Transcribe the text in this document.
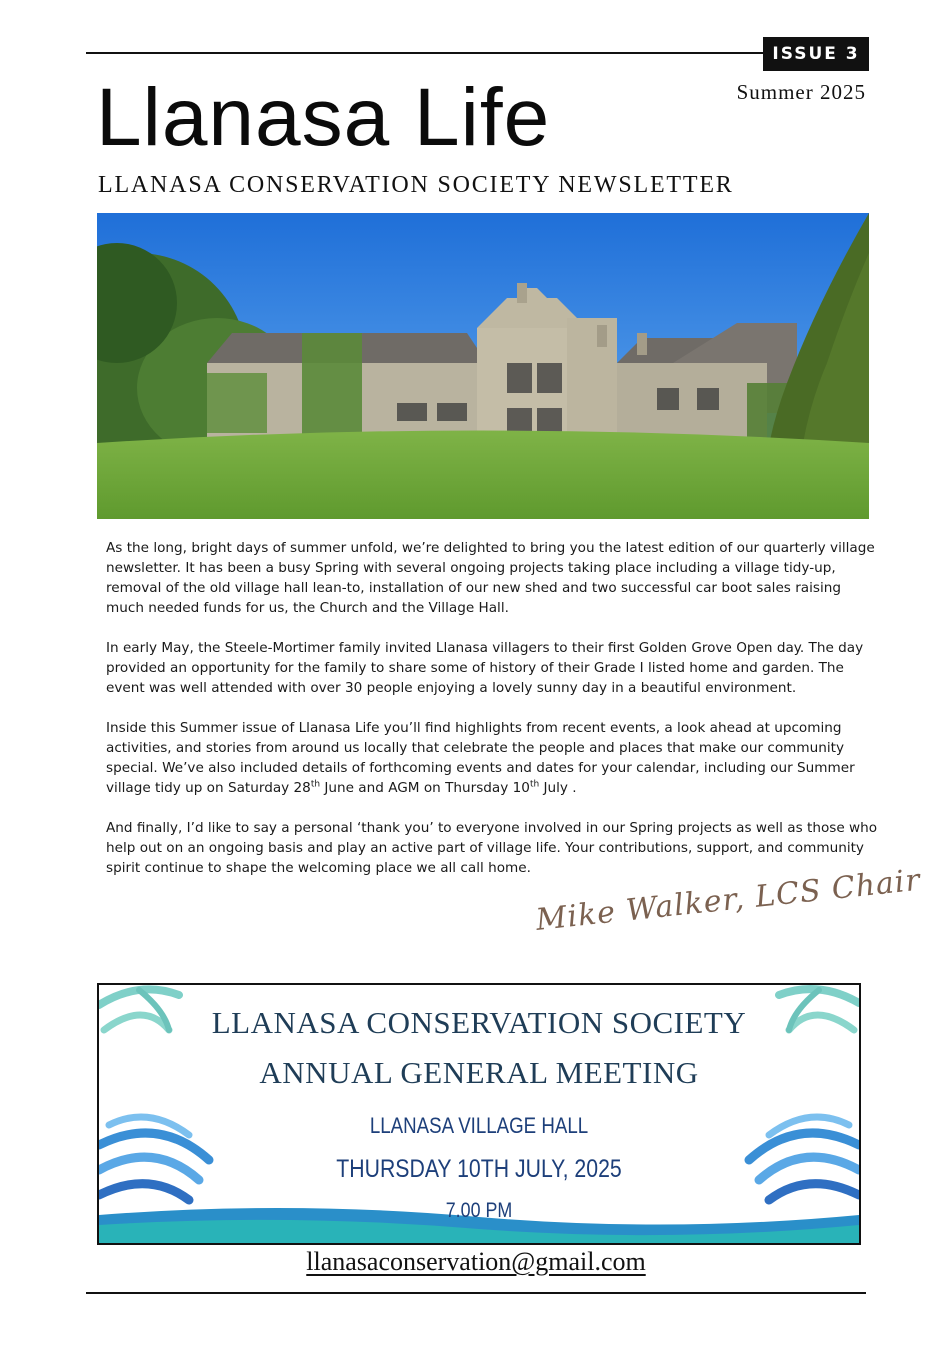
ISSUE 3
Llanasa Life	Summer 2025
LLANASA CONSERVATION SOCIETY NEWSLETTER

As the long, bright days of summer unfold, we’re delighted to bring you the latest edition of our quarterly village newsletter. It has been a busy Spring with several ongoing projects taking place including a village tidy-up, removal of the old village hall lean-to, installation of our new shed and two successful car boot sales raising much needed funds for us, the Church and the Village Hall.

In early May, the Steele-Mortimer family invited Llanasa villagers to their first Golden Grove Open day. The day provided an opportunity for the family to share some of history of their Grade I listed home and garden. The event was well attended with over 30 people enjoying a lovely sunny day in a beautiful environment.

Inside this Summer issue of Llanasa Life you’ll find highlights from recent events, a look ahead at upcoming activities, and stories from around us locally that celebrate the people and places that make our community special. We’ve also included details of forthcoming events and dates for your calendar, including our Summer village tidy up on Saturday 28th June and AGM on Thursday 10th July .

And finally, I’d like to say a personal ‘thank you’ to everyone involved in our Spring projects as well as those who help out on an ongoing basis and play an active part of village life. Your contributions, support, and community spirit continue to shape the welcoming place we all call home. Mike Walker, LCS Chair
LLANASA CONSERVATION SOCIETY
ANNUAL GENERAL MEETING
LLANASA VILLAGE HALL
THURSDAY 10TH JULY, 2025
7.00 PM
llanasaconservation@gmail.com
